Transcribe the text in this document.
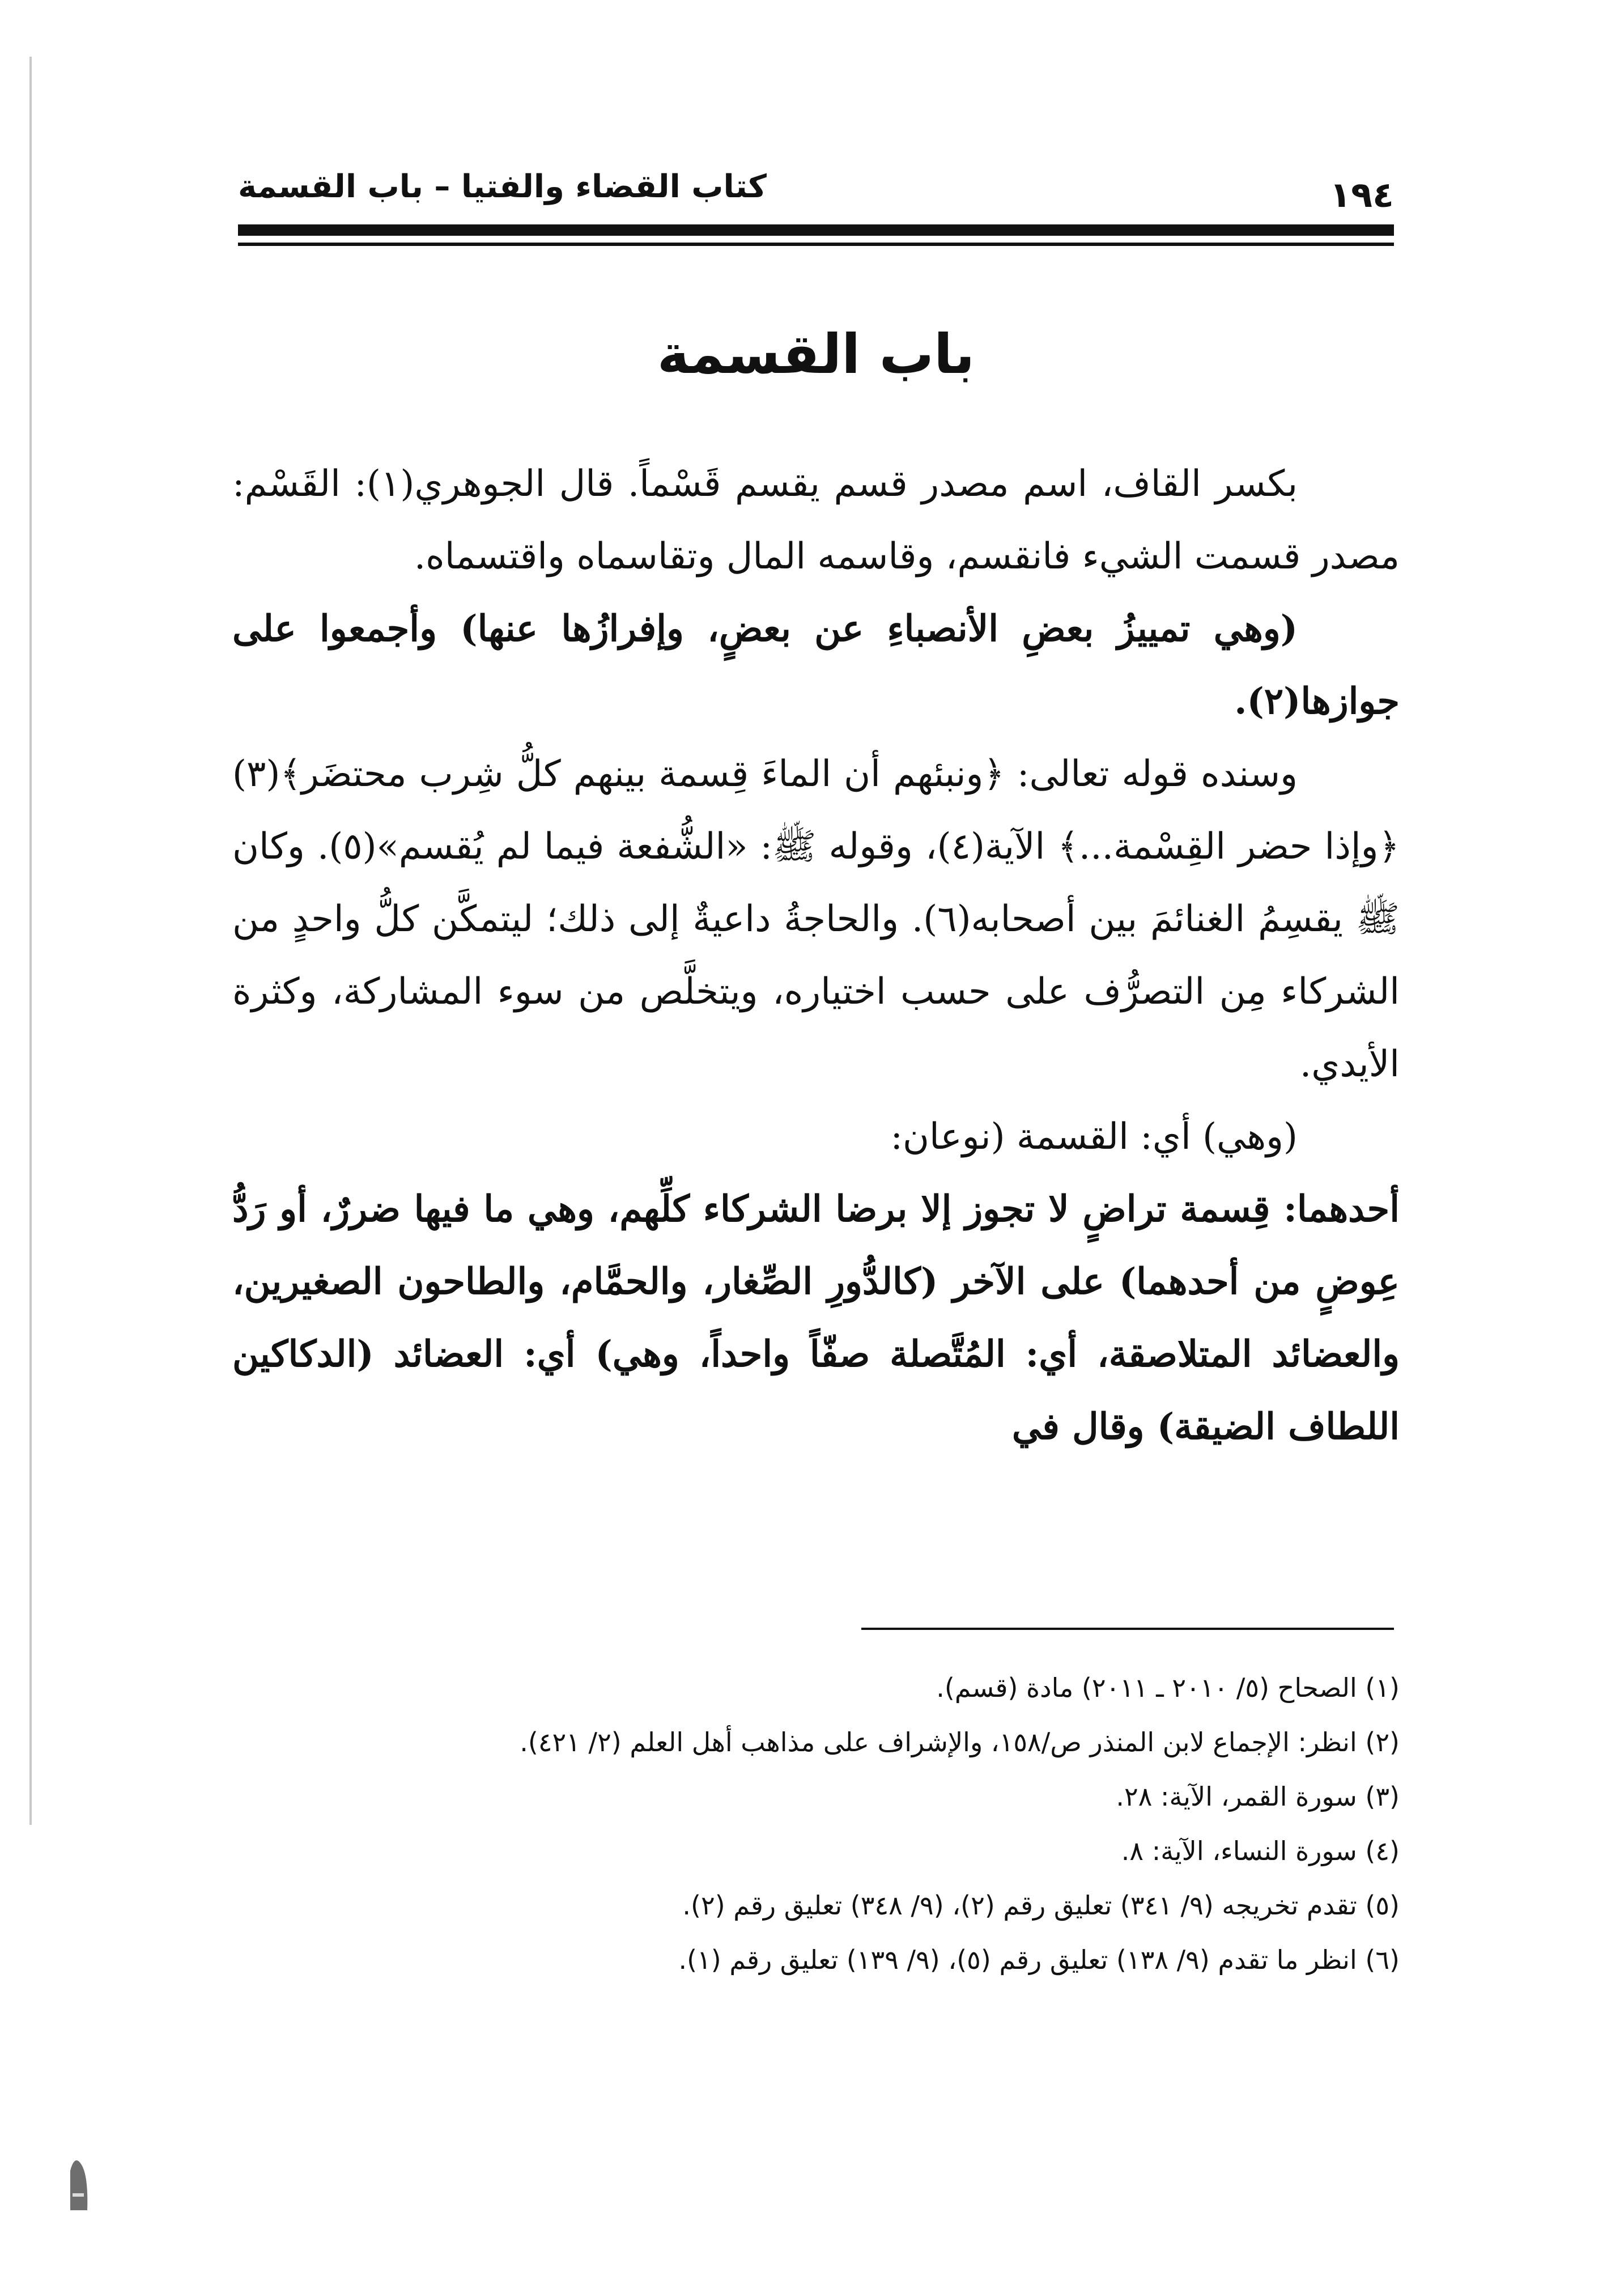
١٩٤
كتاب القضاء والفتيا – باب القسمة
باب القسمة

بكسر القاف، اسم مصدر قسم يقسم قَسْماً. قال الجوهري(١): القَسْم: مصدر قسمت الشيء فانقسم، وقاسمه المال وتقاسماه واقتسماه.

(وهي تمييزُ بعضِ الأنصباءِ عن بعضٍ، وإفرازُها عنها) وأجمعوا على جوازها(٢).

وسنده قوله تعالى: ﴿ونبئهم أن الماءَ قِسمة بينهم كلُّ شِرب محتضَر﴾(٣) ﴿وإذا حضر القِسْمة...﴾ الآية(٤)، وقوله ﷺ: «الشُّفعة فيما لم يُقسم»(٥). وكان ﷺ يقسِمُ الغنائمَ بين أصحابه(٦). والحاجةُ داعيةٌ إلى ذلك؛ ليتمكَّن كلُّ واحدٍ من الشركاء مِن التصرُّف على حسب اختياره، ويتخلَّص من سوء المشاركة، وكثرة الأيدي.

(وهي) أي: القسمة (نوعان:

أحدهما: قِسمة تراضٍ لا تجوز إلا برضا الشركاء كلِّهم، وهي ما فيها ضررٌ، أو رَدُّ عِوضٍ من أحدهما) على الآخر (كالدُّورِ الصِّغار، والحمَّام، والطاحون الصغيرين، والعضائد المتلاصقة، أي: المُتَّصلة صفّاً واحداً، وهي) أي: العضائد (الدكاكين اللطاف الضيقة) وقال في

(١) الصحاح (٥/ ٢٠١٠ ـ ٢٠١١) مادة (قسم).

(٢) انظر: الإجماع لابن المنذر ص/١٥٨، والإشراف على مذاهب أهل العلم (٢/ ٤٢١).

(٣) سورة القمر، الآية: ٢٨.

(٤) سورة النساء، الآية: ٨.

(٥) تقدم تخريجه (٩/ ٣٤١) تعليق رقم (٢)، (٩/ ٣٤٨) تعليق رقم (٢).

(٦) انظر ما تقدم (٩/ ١٣٨) تعليق رقم (٥)، (٩/ ١٣٩) تعليق رقم (١).
